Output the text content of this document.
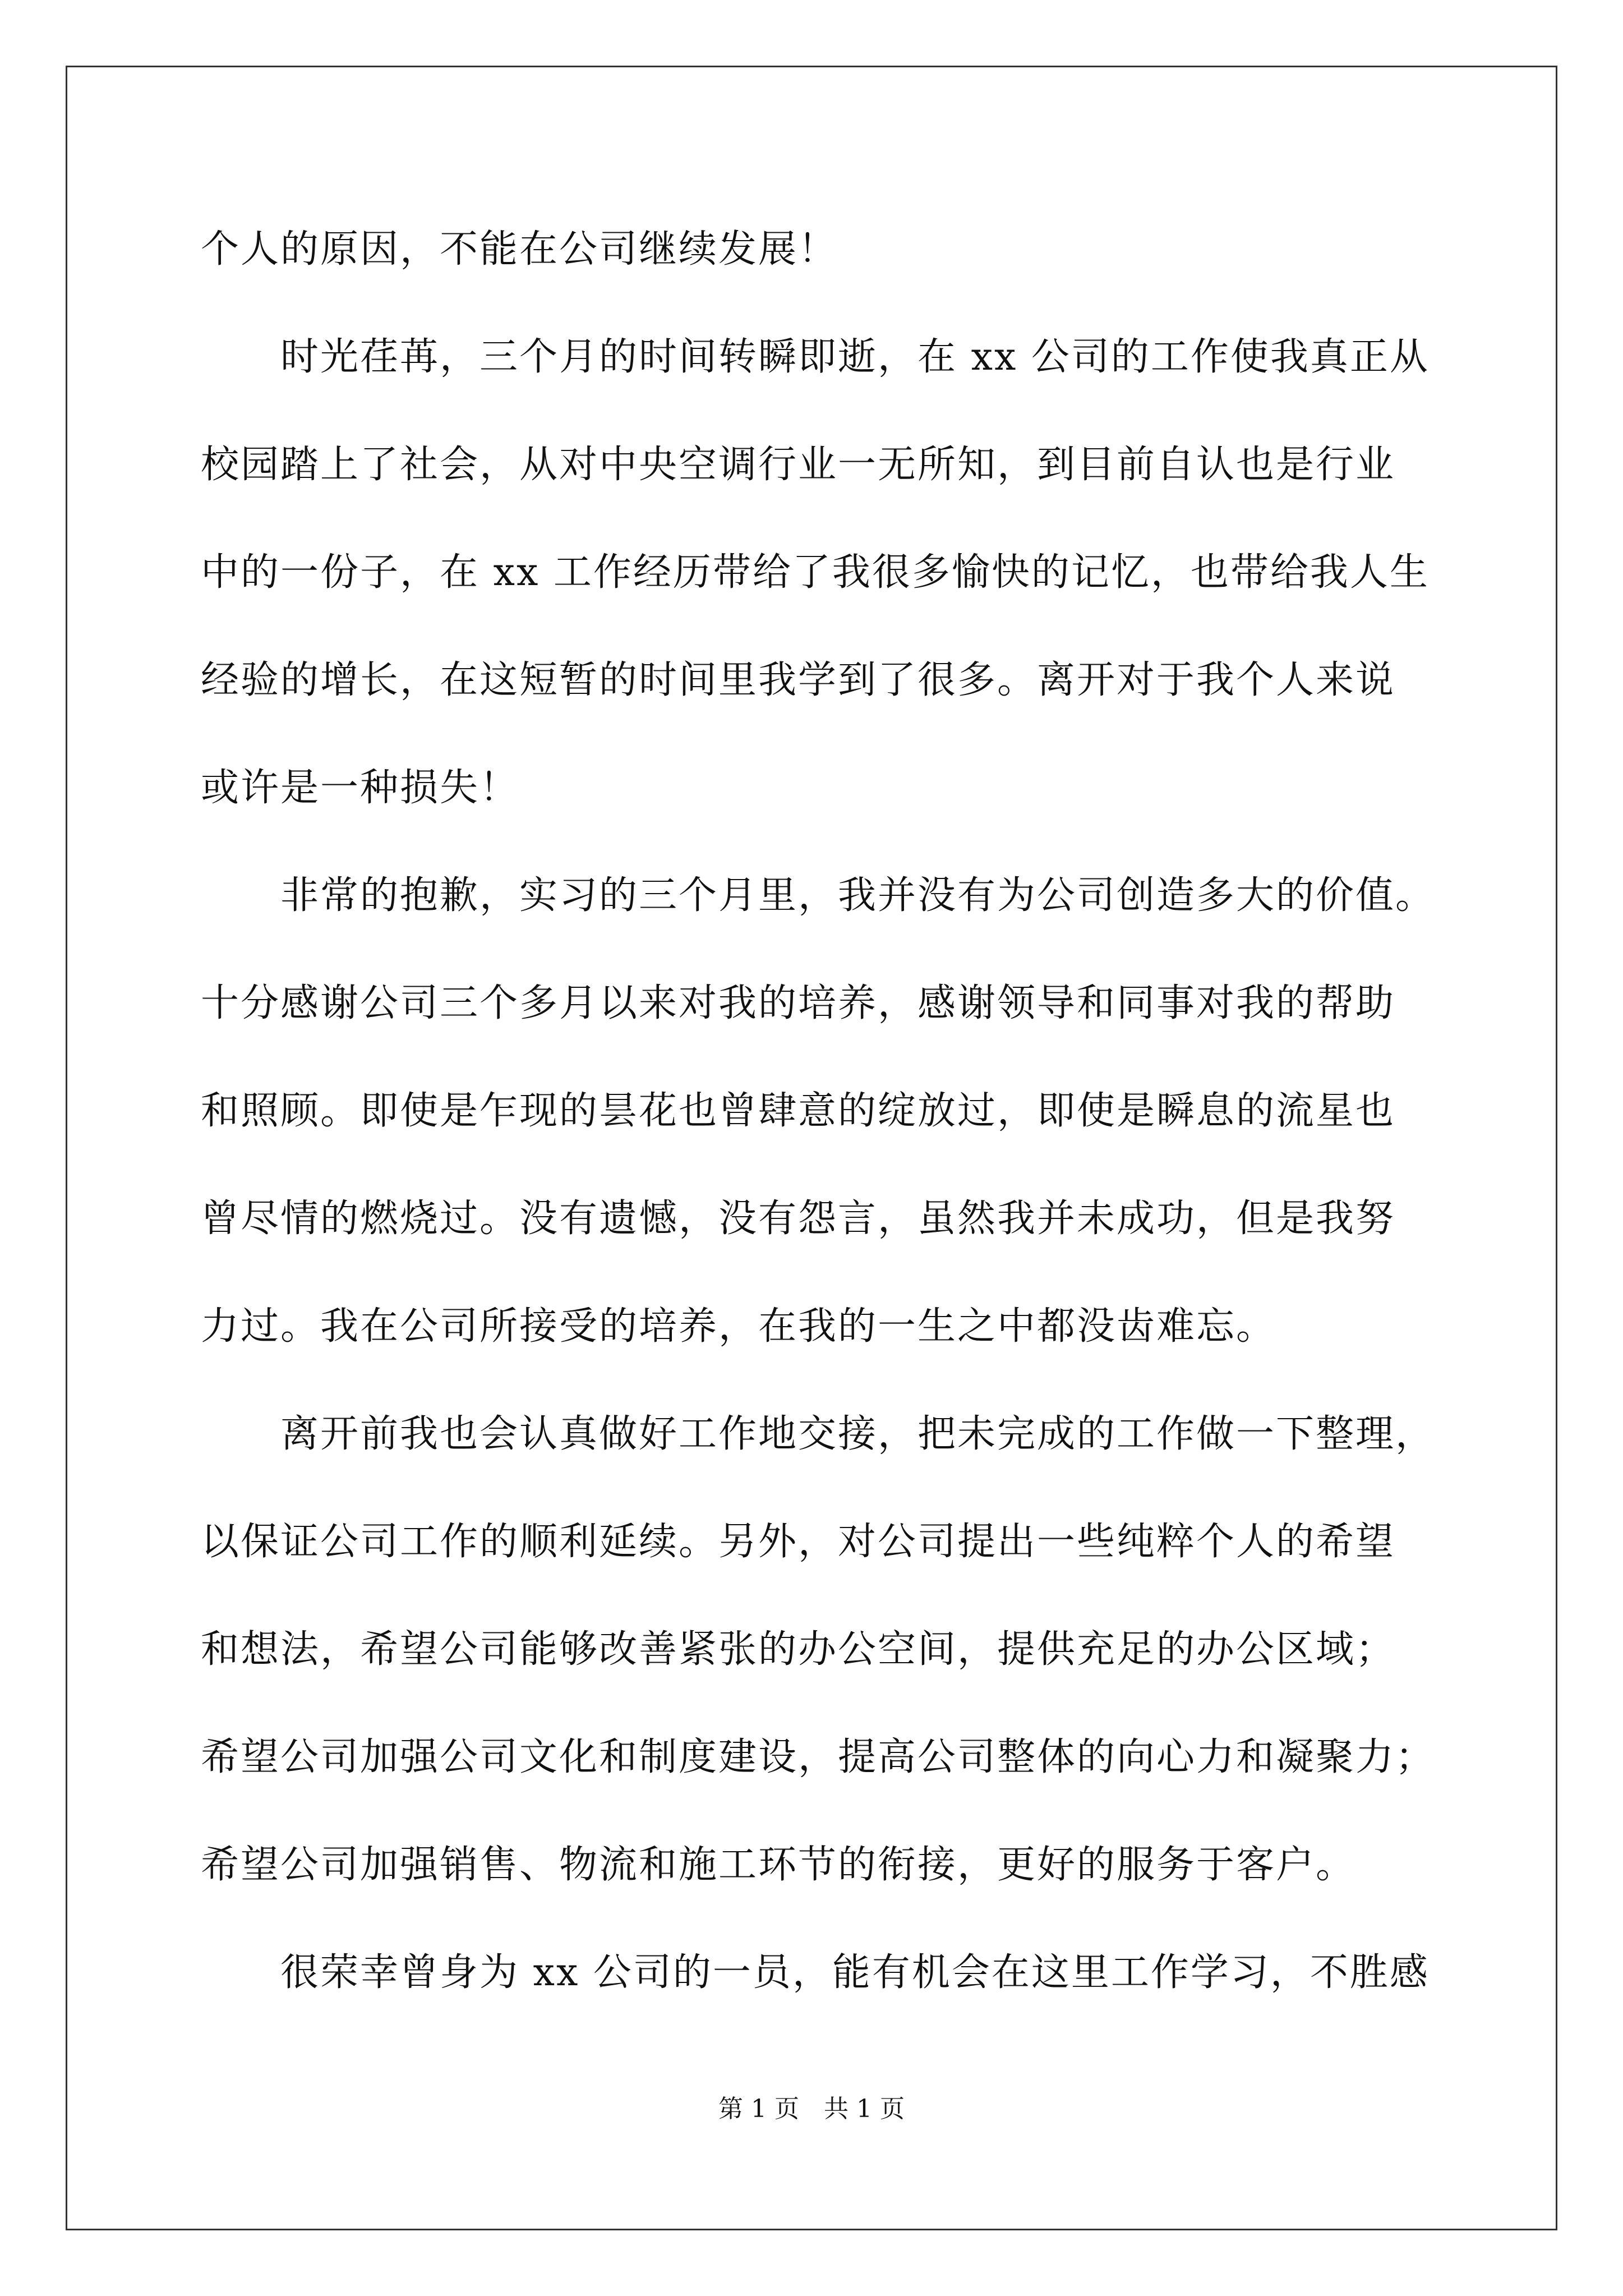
个人的原因，不能在公司继续发展！
时光荏苒，三个月的时间转瞬即逝，在 xx 公司的工作使我真正从
校园踏上了社会，从对中央空调行业一无所知，到目前自认也是行业
中的一份子，在 xx 工作经历带给了我很多愉快的记忆，也带给我人生
经验的增长，在这短暂的时间里我学到了很多。离开对于我个人来说
或许是一种损失！
非常的抱歉，实习的三个月里，我并没有为公司创造多大的价值。
十分感谢公司三个多月以来对我的培养，感谢领导和同事对我的帮助
和照顾。即使是乍现的昙花也曾肆意的绽放过，即使是瞬息的流星也
曾尽情的燃烧过。没有遗憾，没有怨言，虽然我并未成功，但是我努
力过。我在公司所接受的培养，在我的一生之中都没齿难忘。
离开前我也会认真做好工作地交接，把未完成的工作做一下整理，
以保证公司工作的顺利延续。另外，对公司提出一些纯粹个人的希望
和想法，希望公司能够改善紧张的办公空间，提供充足的办公区域；
希望公司加强公司文化和制度建设，提高公司整体的向心力和凝聚力；
希望公司加强销售、物流和施工环节的衔接，更好的服务于客户。
很荣幸曾身为 xx 公司的一员，能有机会在这里工作学习，不胜感
第 1 页　共 1 页
